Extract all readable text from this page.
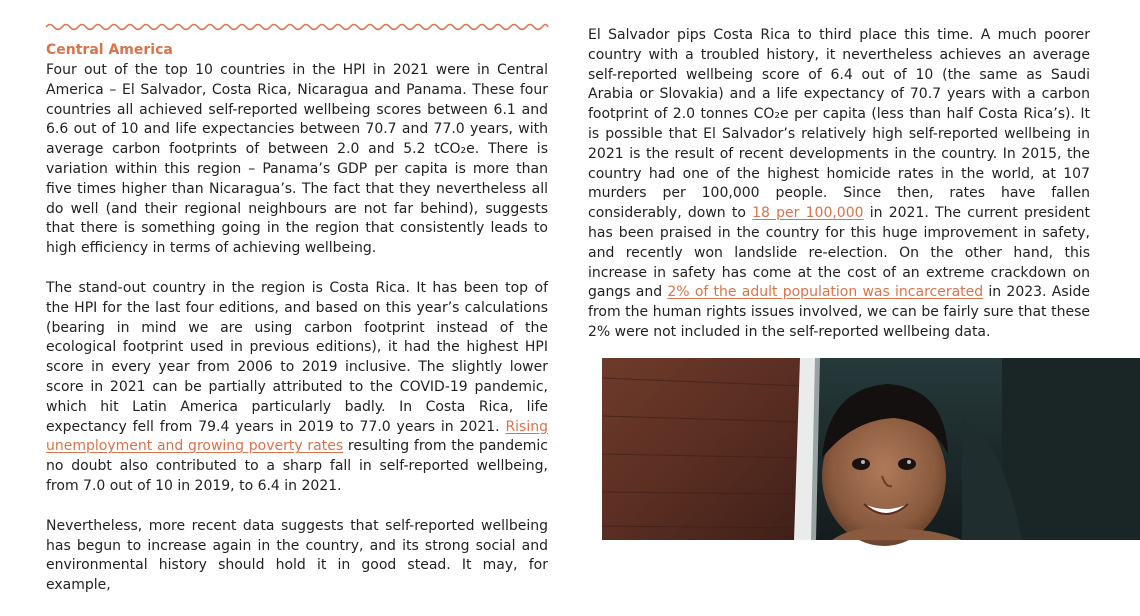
Central America

Four out of the top 10 countries in the HPI in 2021 were in Central America – El Salvador, Costa Rica, Nicaragua and Panama. These four countries all achieved self-reported wellbeing scores between 6.1 and 6.6 out of 10 and life expectancies between 70.7 and 77.0 years, with average carbon footprints of between 2.0 and 5.2 tCO₂e. There is variation within this region – Panama’s GDP per capita is more than five times higher than Nicaragua’s. The fact that they nevertheless all do well (and their regional neighbours are not far behind), suggests that there is something going in the region that consistently leads to high efficiency in terms of achieving wellbeing.

The stand-out country in the region is Costa Rica. It has been top of the HPI for the last four editions, and based on this year’s calculations (bearing in mind we are using carbon footprint instead of the ecological footprint used in previous editions), it had the highest HPI score in every year from 2006 to 2019 inclusive. The slightly lower score in 2021 can be partially attributed to the COVID-19 pandemic, which hit Latin America particularly badly. In Costa Rica, life expectancy fell from 79.4 years in 2019 to 77.0 years in 2021. Rising unemployment and growing poverty rates resulting from the pandemic no doubt also contributed to a sharp fall in self-reported wellbeing, from 7.0 out of 10 in 2019, to 6.4 in 2021.

Nevertheless, more recent data suggests that self-reported wellbeing has begun to increase again in the country, and its strong social and environmental history should hold it in good stead. It may, for example,

El Salvador pips Costa Rica to third place this time. A much poorer country with a troubled history, it nevertheless achieves an average self-reported wellbeing score of 6.4 out of 10 (the same as Saudi Arabia or Slovakia) and a life expectancy of 70.7 years with a carbon footprint of 2.0 tonnes CO₂e per capita (less than half Costa Rica’s). It is possible that El Salvador’s relatively high self-reported wellbeing in 2021 is the result of recent developments in the country. In 2015, the country had one of the highest homicide rates in the world, at 107 murders per 100,000 people. Since then, rates have fallen considerably, down to 18 per 100,000 in 2021. The current president has been praised in the country for this huge improvement in safety, and recently won landslide re-election. On the other hand, this increase in safety has come at the cost of an extreme crackdown on gangs and 2% of the adult population was incarcerated in 2023. Aside from the human rights issues involved, we can be fairly sure that these 2% were not included in the self-reported wellbeing data.
